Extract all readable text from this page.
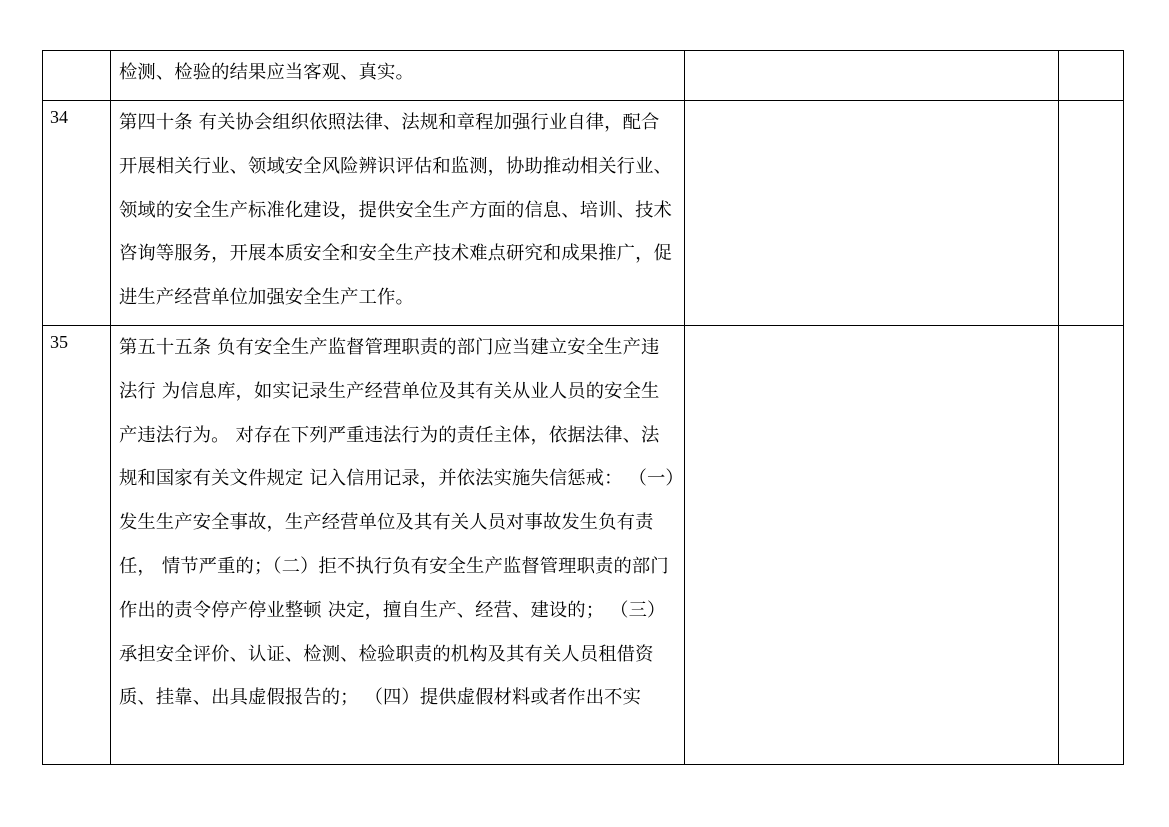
	检测、检验的结果应当客观、真实。		

34	第四十条 有关协会组织依照法律、法规和章程加强行业自律，配合开展相关行业、领域安全风险辨识评估和监测，协助推动相关行业、领域的安全生产标准化建设，提供安全生产方面的信息、培训、技术咨询等服务，开展本质安全和安全生产技术难点研究和成果推广，促进生产经营单位加强安全生产工作。		

35	第五十五条 负有安全生产监督管理职责的部门应当建立安全生产违法行 为信息库，如实记录生产经营单位及其有关从业人员的安全生产违法行为。 对存在下列严重违法行为的责任主体，依据法律、法规和国家有关文件规定 记入信用记录，并依法实施失信惩戒： （一）发生生产安全事故，生产经营单位及其有关人员对事故发生负有责任， 情节严重的；（二）拒不执行负有安全生产监督管理职责的部门作出的责令停产停业整顿 决定，擅自生产、经营、建设的； （三）承担安全评价、认证、检测、检验职责的机构及其有关人员租借资质、挂靠、出具虚假报告的； （四）提供虚假材料或者作出不实		
